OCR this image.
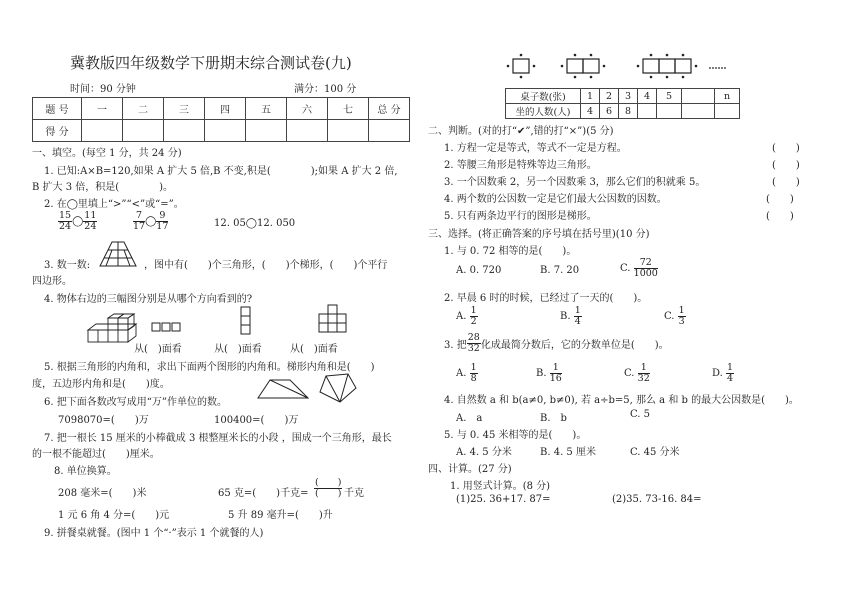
冀教版四年级数学下册期末综合测试卷(九)
时间：90 分钟	满分：100 分
题 号	一	二	三	四	五	六	七	总 分
得 分								
一、填空。(每空 1 分，共 24 分)
1. 已知:A×B=120,如果 A 扩大 5 倍,B 不变,积是(　　　　);如果 A 扩大 2 倍,
B 扩大 3 倍，积是(　　　　)。
2. 在◯里填上“>”“<”或“=”。
$\frac{15}{24}$ ◯ $\frac{11}{24}$	$\frac{7}{17}$ ◯ $\frac{9}{17}$	12. 05◯12. 050
3. 数一数:	，图中有(　　)个三角形，(　　)个梯形，(　　)个平行
四边形。
4. 物体右边的三幅图分别是从哪个方向看到的?
从(　)面看	从(　)面看	从(　)面看
5. 根据三角形的内角和，求出下面两个图形的内角和。梯形内角和是(　　)
度，五边形内角和是(　　)度。
6. 把下面各数改写成用“万”作单位的数。
7098070=(　　)万	100400=(　　)万
7. 把一根长 15 厘米的小棒截成 3 根整厘米长的小段 ，围成一个三角形，最长
的一根不能超过(　　)厘米。
8. 单位换算。
208 毫米=(　　)米	65 克=(　　)千克= $\frac{( )}{( )}$ 千克
1 元 6 角 4 分=(　　)元	5 升 89 毫升=(　　)升
9. 拼餐桌就餐。(图中 1 个“·”表示 1 个就餐的人)
桌子数(张)	1	2	3	4	5		n
坐的人数(人)	4	6	8				
二、判断。(对的打“✔”,错的打“×”)(5 分)
1. 方程一定是等式，等式不一定是方程。
2. 等腰三角形是特殊等边三角形。
3. 一个因数乘 2，另一个因数乘 3，那么它们的积就乘 5。
4. 两个数的公因数一定是它们最大公因数的因数。
5. 只有两条边平行的图形是梯形。
(　　)
(　　)
(　　)
(　　)
(　　)
三、选择。(将正确答案的序号填在括号里)(10 分)
1. 与 0. 72 相等的是(　　)。
A. 0. 720	B. 7. 20	C. $\frac{72}{1000}$
2. 早晨 6 时的时候，已经过了一天的(　　)。
A. $\frac{1}{2}$	B. $\frac{1}{4}$	C. $\frac{1}{3}$
3. 把 $\frac{28}{32}$ 化成最简分数后，它的分数单位是(　　)。
A. $\frac{1}{8}$	B. $\frac{1}{16}$	C. $\frac{1}{32}$	D. $\frac{1}{4}$
4. 自然数 a 和 b(a≠0, b≠0), 若 a÷b=5, 那么 a 和 b 的最大公因数是(　　)。
A.　a	B.　b	C. 5
5. 与 0. 45 米相等的是(　　)。
A. 4. 5 分米	B. 4. 5 厘米	C. 45 分米
四、计算。(27 分)
1. 用竖式计算。(8 分)
(1)25. 36+17. 87=	(2)35. 73-16. 84=
